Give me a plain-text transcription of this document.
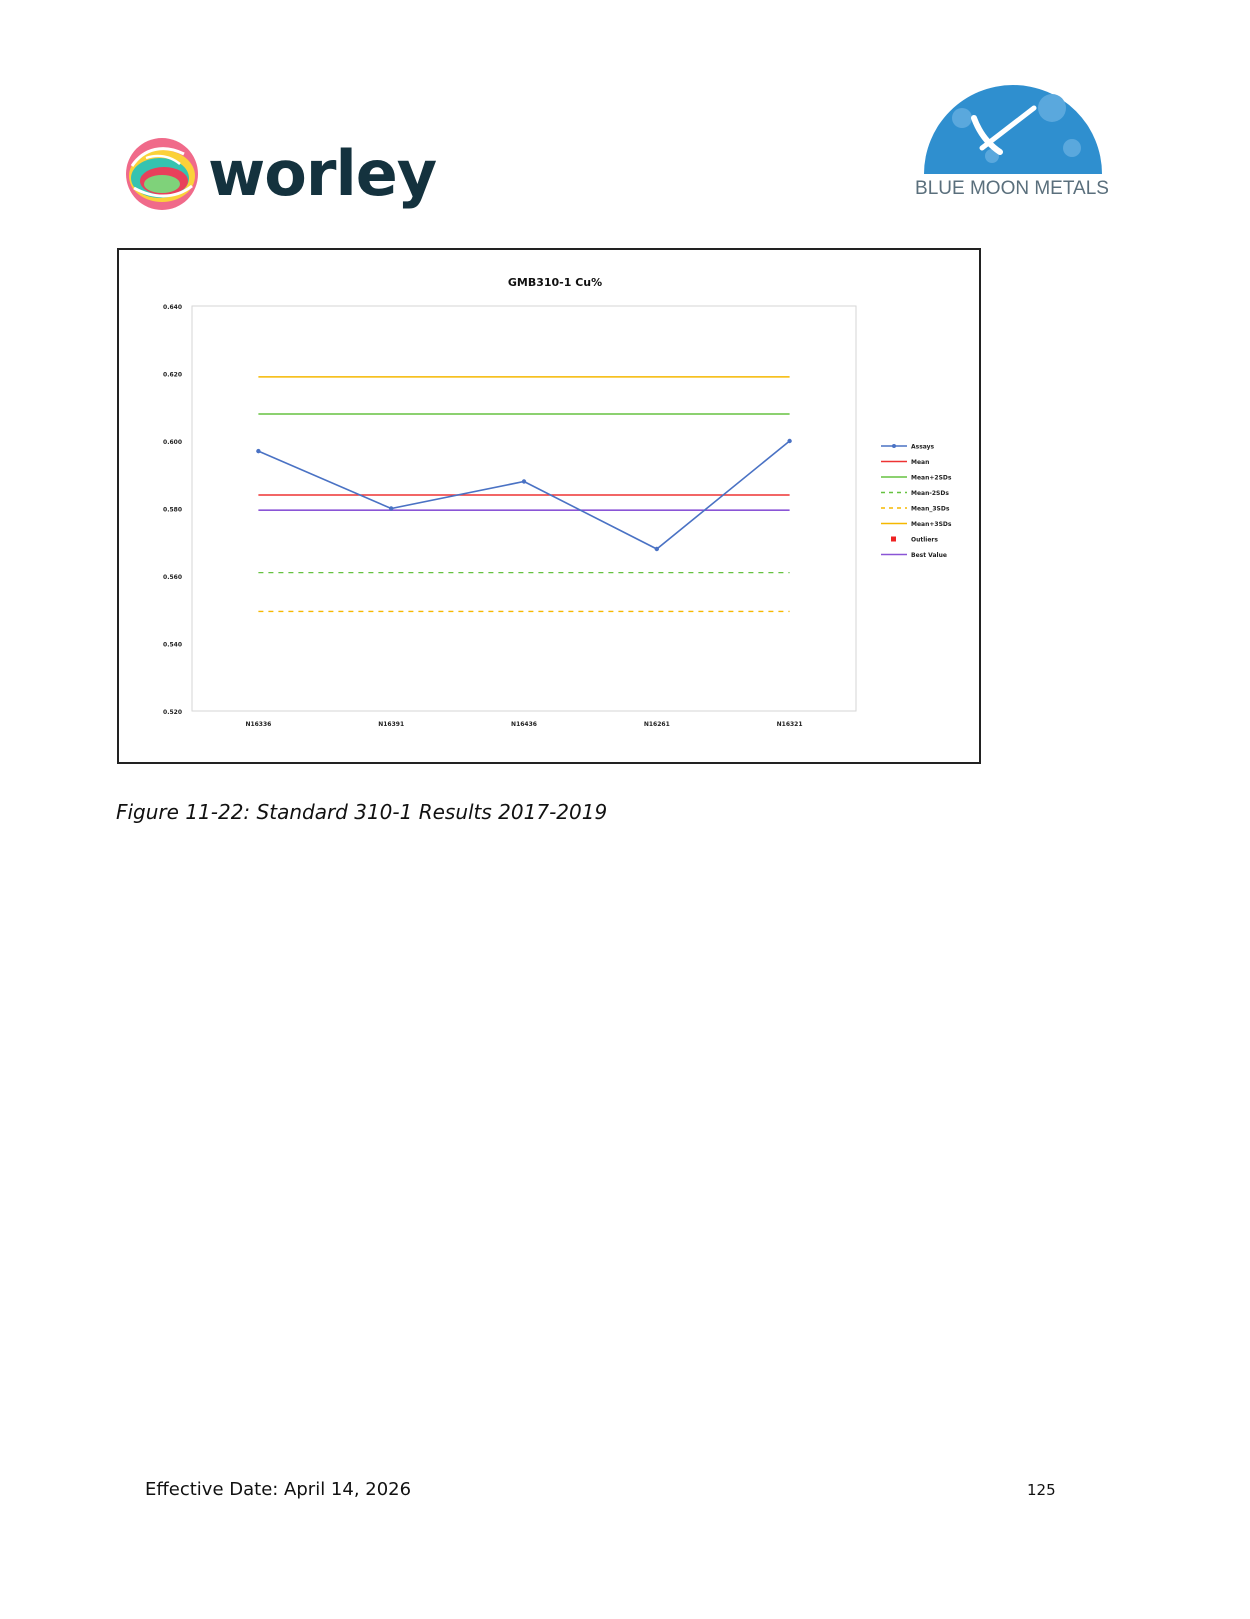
worley	BLUE MOON METALS
GMB310-1 Cu%
0.520
0.540
0.560
0.580
0.600
0.620
0.640
N16336	N16391	N16436	N16261	N16321
Assays
Mean
Mean+2SDs
Mean-2SDs
Mean_3SDs
Mean+3SDs
Outliers
Best Value
Figure 11-22: Standard 310-1 Results 2017-2019
Effective Date: April 14, 2026	125
